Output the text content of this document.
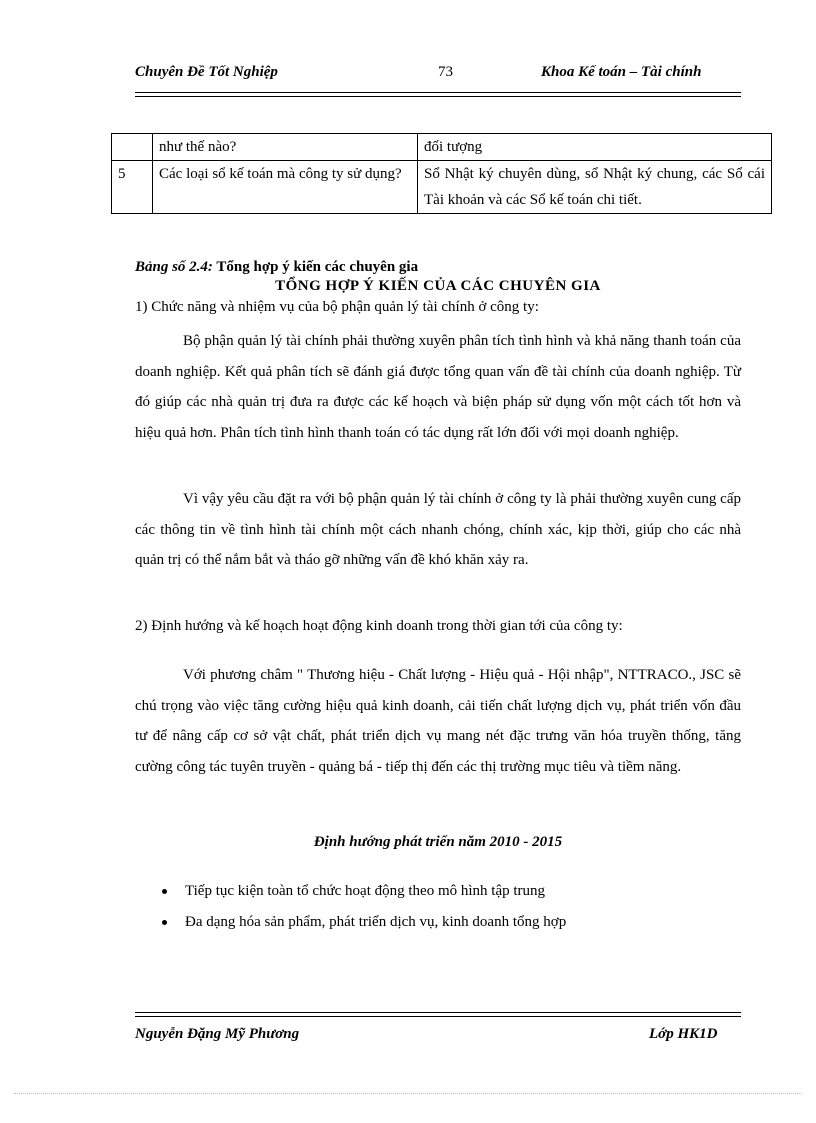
Chuyên Đề Tốt Nghiệp	73	Khoa Kế toán – Tài chính
	như thế nào?	đối tượng
5	Các loại sổ kế toán mà công ty sử dụng?	Sổ Nhật ký chuyên dùng, sổ Nhật ký chung, các Sổ cái Tài khoản và các Sổ kế toán chi tiết.
Bảng số 2.4: Tổng hợp ý kiến các chuyên gia
TỔNG HỢP Ý KIẾN CỦA CÁC CHUYÊN GIA
1) Chức năng và nhiệm vụ của bộ phận quản lý tài chính ở công ty:
Bộ phận quản lý tài chính phải thường xuyên phân tích tình hình và khả năng thanh toán của doanh nghiệp. Kết quả phân tích sẽ đánh giá được tổng quan vấn đề tài chính của doanh nghiệp. Từ đó giúp các nhà quản trị đưa ra được các kế hoạch và biện pháp sử dụng vốn một cách tốt hơn và hiệu quả hơn. Phân tích tình hình thanh toán có tác dụng rất lớn đối với mọi doanh nghiệp.
Vì vậy yêu cầu đặt ra với bộ phận quản lý tài chính ở công ty là phải thường xuyên cung cấp các thông tin về tình hình tài chính một cách nhanh chóng, chính xác, kịp thời, giúp cho các nhà quản trị có thể nắm bắt và tháo gỡ những vấn đề khó khăn xảy ra.
2) Định hướng và kế hoạch hoạt động kinh doanh trong thời gian tới của công ty:
Với phương châm " Thương hiệu - Chất lượng - Hiệu quả - Hội nhập", NTTRACO., JSC sẽ chú trọng vào việc tăng cường hiệu quả kinh doanh, cải tiến chất lượng dịch vụ, phát triển vốn đầu tư để nâng cấp cơ sở vật chất, phát triển dịch vụ mang nét đặc trưng văn hóa truyền thống, tăng cường công tác tuyên truyền - quảng bá - tiếp thị đến các thị trường mục tiêu và tiềm năng.
Định hướng phát triển năm 2010 - 2015
Tiếp tục kiện toàn tổ chức hoạt động theo mô hình tập trung
Đa dạng hóa sản phẩm, phát triển dịch vụ, kinh doanh tổng hợp
Nguyễn Đặng Mỹ Phương	Lớp HK1D
